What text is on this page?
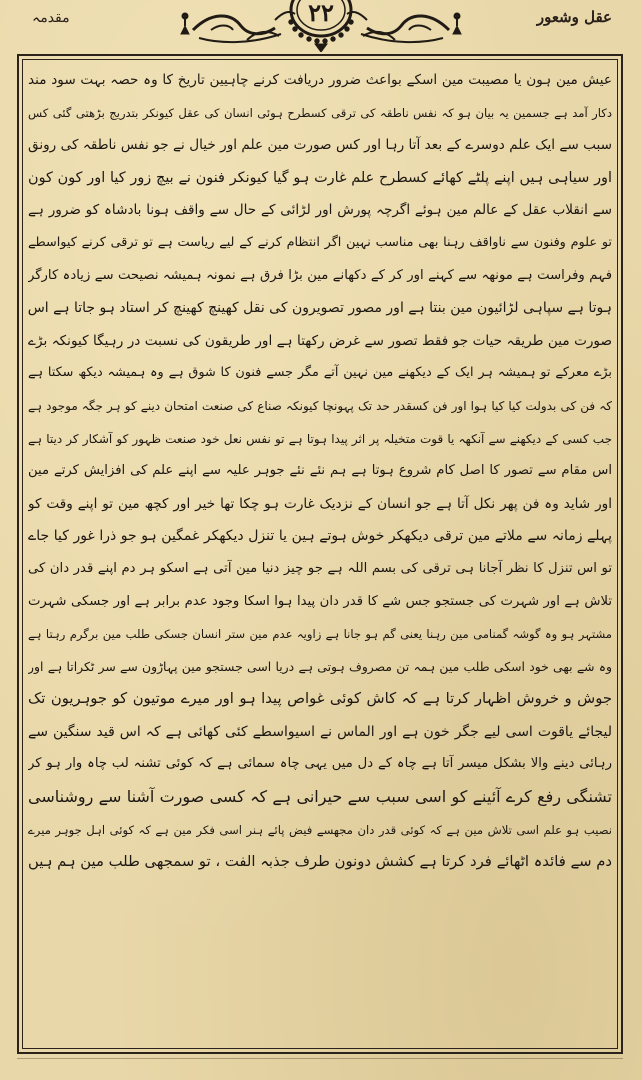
مقدمہ	۲۲	عقل وشعور
عیش مین ہون یا مصیبت مین اسکے بواعث ضرور دریافت کرنے چاہیین تاریخ کا وہ حصہ بہت سود مند
دکار آمد ہے جسمین یہ بیان ہو کہ نفس ناطقہ کی ترقی کسطرح ہوئی انسان کی عقل کیونکر بتدریج بڑھتی گئی کس
سبب سے ایک علم دوسرے کے بعد آتا رہا اور کس صورت مین علم اور خیال نے جو نفس ناطقہ کی رونق
اور سیاہی ہیں اپنے پلٹے کھائے کسطرح علم غارت ہو گیا کیونکر فنون نے بیچ زور کیا اور کون کون
سے انقلاب عقل کے عالم مین ہوئے اگرچہ پورش اور لڑائی کے حال سے واقف ہونا بادشاہ کو ضرور ہے
تو علوم وفنون سے ناواقف رہنا بھی مناسب نہین اگر انتظام کرنے کے لیے ریاست ہے تو ترقی کرنے کیواسطے
فہم وفراست ہے مونھہ سے کہنے اور کر کے دکھانے مین بڑا فرق ہے نمونہ ہمیشہ نصیحت سے زیادہ کارگر
ہوتا ہے سپاہی لڑائیون مین بنتا ہے اور مصور تصویرون کی نقل کھینچ کھینچ کر استاد ہو جاتا ہے اس
صورت مین طریقہ حیات جو فقط تصور سے غرض رکھتا ہے اور طریقون کی نسبت در رہیگا کیونکہ بڑے
بڑے معرکے تو ہمیشہ ہر ایک کے دیکھنے مین نہین آتے مگر جسے فنون کا شوق ہے وہ ہمیشہ دیکھ سکتا ہے
کہ فن کی بدولت کیا کیا ہوا اور فن کسقدر حد تک پہونچا کیونکہ صناع کی صنعت امتحان دینے کو ہر جگہ موجود ہے
جب کسی کے دیکھنے سے آنکھہ یا قوت متخیلہ پر اثر پیدا ہوتا ہے تو نفس نعل خود صنعت ظہور کو آشکار کر دیتا ہے
اس مقام سے تصور کا اصل کام شروع ہوتا ہے ہم نئے نئے جوہر علیہ سے اپنے علم کی افزایش کرتے مین
اور شاید وہ فن پھر نکل آتا ہے جو انسان کے نزدیک غارت ہو چکا تھا خیر اور کچھ مین تو اپنے وقت کو
پہلے زمانہ سے ملاتے مین ترقی دیکھکر خوش ہوتے ہین یا تنزل دیکھکر غمگین ہو جو ذرا غور کیا جاے
تو اس تنزل کا نظر آجانا ہی ترقی کی بسم اللہ ہے جو چیز دنیا مین آتی ہے اسکو ہر دم اپنے قدر دان کی
تلاش ہے اور شہرت کی جستجو جس شے کا قدر دان پیدا ہوا اسکا وجود عدم برابر ہے اور جسکی شہرت
مشتہر ہو وہ گوشہ گمنامی مین رہنا یعنی گم ہو جانا ہے زاویہ عدم مین ستر انسان جسکی طلب مین برگرم رہتا ہے
وہ شے بھی خود اسکی طلب مین ہمہ تن مصروف ہوتی ہے دریا اسی جستجو مین پہاڑون سے سر ٹکراتا ہے اور
جوش و خروش اظہار کرتا ہے کہ کاش کوئی غواص پیدا ہو اور میرے موتیون کو جوہریون تک
لیجائے یاقوت اسی لیے جگر خون ہے اور الماس نے اسیواسطے کئی کھائی ہے کہ اس قید سنگین سے
رہائی دینے والا بشکل میسر آتا ہے چاہ کے دل میں یہی چاہ سمائی ہے کہ کوئی تشنہ لب چاہ وار ہو کر
تشنگی رفع کرے آئینے کو اسی سبب سے حیرانی ہے کہ کسی صورت آشنا سے روشناسی
نصیب ہو علم اسی تلاش مین ہے کہ کوئی قدر دان مجھسے فیض پائے ہنر اسی فکر مین ہے کہ کوئی اہل جوہر میرے
دم سے فائدہ اٹھائے فرد کرتا ہے کشش دونون طرف جذبہ الفت ، تو سمجھی طلب مین ہم ہیں
